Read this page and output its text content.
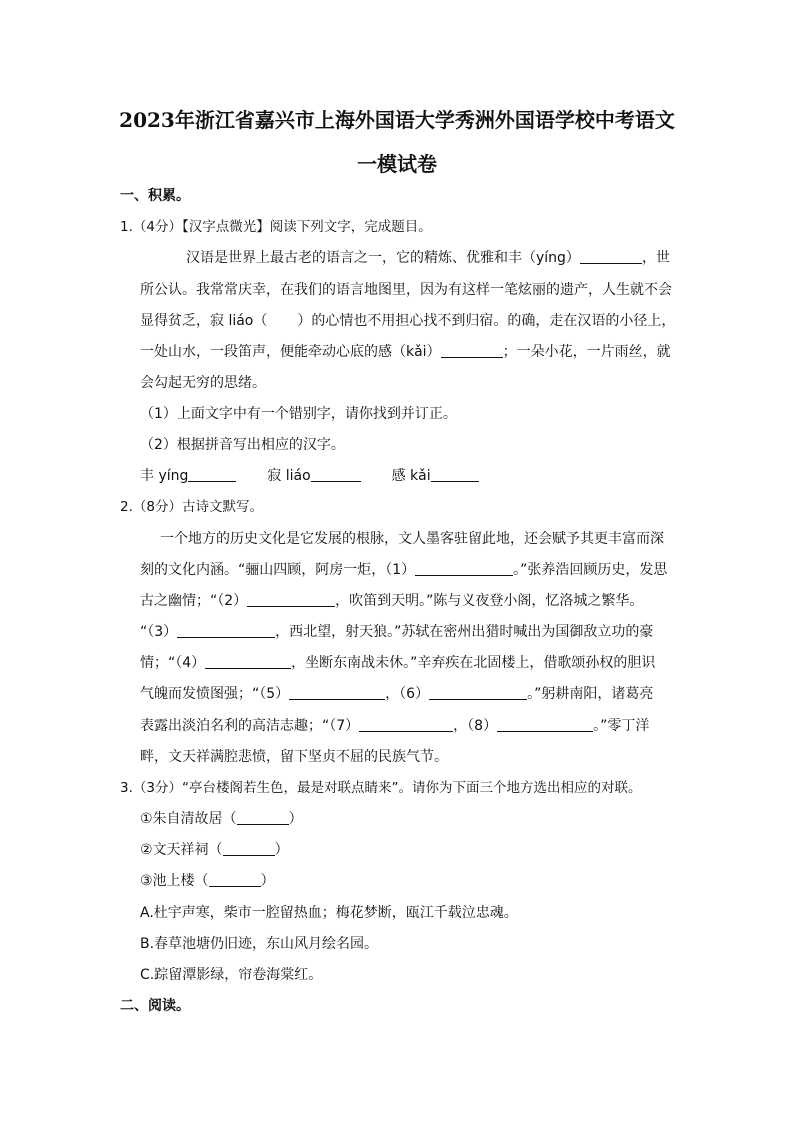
2023年浙江省嘉兴市上海外国语大学秀洲外国语学校中考语文
一模试卷
一、积累。
1.（4分）【汉字点微光】阅读下列文字，完成题目。
汉语是世界上最古老的语言之一，它的精炼、优雅和丰（yíng）	，世
所公认。我常常庆幸，在我们的语言地图里，因为有这样一笔炫丽的遗产，人生就不会
显得贫乏，寂 liáo（ ）的心情也不用担心找不到归宿。的确，走在汉语的小径上，
一处山水，一段笛声，便能牵动心底的感（kǎi）	；一朵小花，一片雨丝，就
会勾起无穷的思绪。
（1）上面文字中有一个错别字，请你找到并订正。
（2）根据拼音写出相应的汉字。
丰 yíng	寂 liáo	感 kǎi
2.（8分）古诗文默写。
一个地方的历史文化是它发展的根脉，文人墨客驻留此地，还会赋予其更丰富而深
刻的文化内涵。“骊山四顾，阿房一炬，（1）	。”张养浩回顾历史，发思
古之幽情；“（2）	，吹笛到天明。”陈与义夜登小阁，忆洛城之繁华。
“（3）	，西北望，射天狼。”苏轼在密州出猎时喊出为国御敌立功的豪
情；“（4）	，坐断东南战未休。”辛弃疾在北固楼上，借歌颂孙权的胆识
气魄而发愤图强；“（5）	，（6）	。”躬耕南阳，诸葛亮
表露出淡泊名利的高洁志趣；“（7）	，（8）	。”零丁洋
畔，文天祥满腔悲愤，留下坚贞不屈的民族气节。
3.（3分）“亭台楼阁若生色，最是对联点睛来”。请你为下面三个地方选出相应的对联。
①朱自清故居（	）
②文天祥祠（	）
③池上楼（	）
A.杜宇声寒，柴市一腔留热血；梅花梦断，瓯江千载泣忠魂。
B.春草池塘仍旧迹，东山风月绘名园。
C.踪留潭影绿，帘卷海棠红。
二、阅读。
